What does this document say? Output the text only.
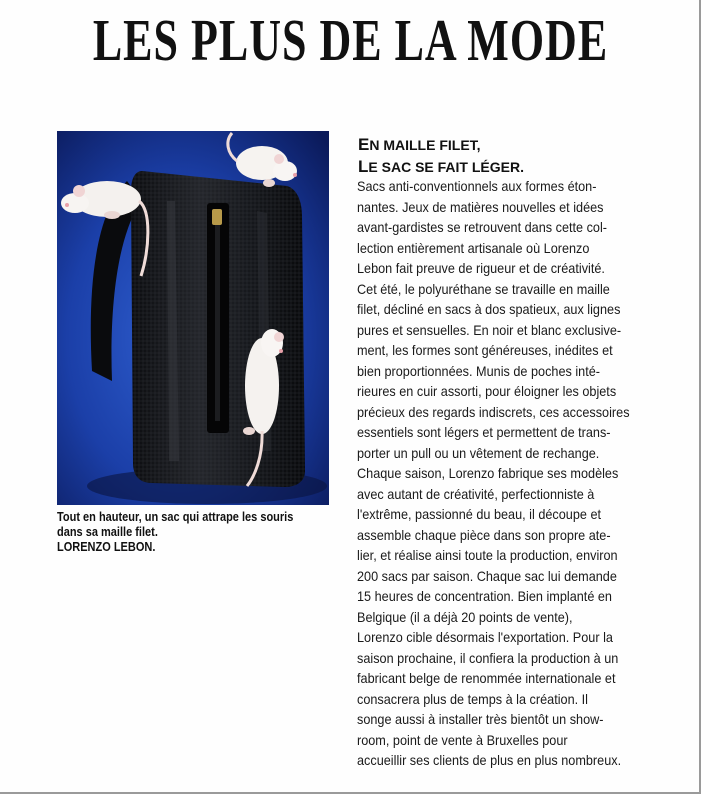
LES PLUS DE LA MODE
Tout en hauteur, un sac qui attrape les souris
dans sa maille filet.
LORENZO LEBON.
EN MAILLE FILET,
LE SAC SE FAIT LÉGER.
Sacs anti-conventionnels aux formes éton-
nantes. Jeux de matières nouvelles et idées
avant-gardistes se retrouvent dans cette col-
lection entièrement artisanale où Lorenzo
Lebon fait preuve de rigueur et de créativité.
Cet été, le polyuréthane se travaille en maille
filet, décliné en sacs à dos spatieux, aux lignes
pures et sensuelles. En noir et blanc exclusive-
ment, les formes sont généreuses, inédites et
bien proportionnées. Munis de poches inté-
rieures en cuir assorti, pour éloigner les objets
précieux des regards indiscrets, ces accessoires
essentiels sont légers et permettent de trans-
porter un pull ou un vêtement de rechange.
Chaque saison, Lorenzo fabrique ses modèles
avec autant de créativité, perfectionniste à
l'extrême, passionné du beau, il découpe et
assemble chaque pièce dans son propre ate-
lier, et réalise ainsi toute la production, environ
200 sacs par saison. Chaque sac lui demande
15 heures de concentration. Bien implanté en
Belgique (il a déjà 20 points de vente),
Lorenzo cible désormais l'exportation. Pour la
saison prochaine, il confiera la production à un
fabricant belge de renommée internationale et
consacrera plus de temps à la création. Il
songe aussi à installer très bientôt un show-
room, point de vente à Bruxelles pour
accueillir ses clients de plus en plus nombreux.
